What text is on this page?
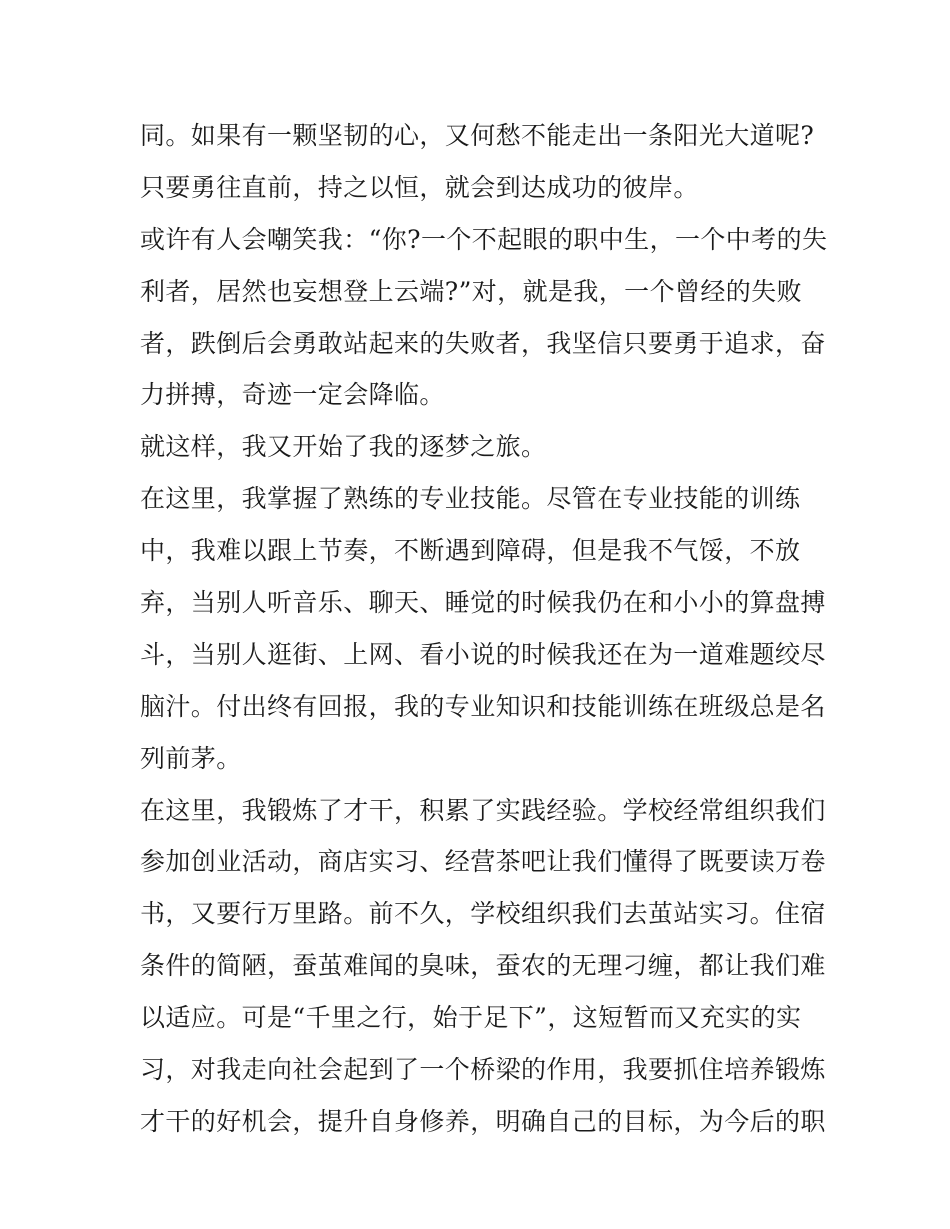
同。如果有一颗坚韧的心，又何愁不能走出一条阳光大道呢?
只要勇往直前，持之以恒，就会到达成功的彼岸。
或许有人会嘲笑我：“你?一个不起眼的职中生，一个中考的失
利者，居然也妄想登上云端?”对，就是我，一个曾经的失败
者，跌倒后会勇敢站起来的失败者，我坚信只要勇于追求，奋
力拼搏，奇迹一定会降临。
就这样，我又开始了我的逐梦之旅。
在这里，我掌握了熟练的专业技能。尽管在专业技能的训练
中，我难以跟上节奏，不断遇到障碍，但是我不气馁，不放
弃，当别人听音乐、聊天、睡觉的时候我仍在和小小的算盘搏
斗，当别人逛街、上网、看小说的时候我还在为一道难题绞尽
脑汁。付出终有回报，我的专业知识和技能训练在班级总是名
列前茅。
在这里，我锻炼了才干，积累了实践经验。学校经常组织我们
参加创业活动，商店实习、经营茶吧让我们懂得了既要读万卷
书，又要行万里路。前不久，学校组织我们去茧站实习。住宿
条件的简陋，蚕茧难闻的臭味，蚕农的无理刁缠，都让我们难
以适应。可是“千里之行，始于足下”，这短暂而又充实的实
习，对我走向社会起到了一个桥梁的作用，我要抓住培养锻炼
才干的好机会，提升自身修养，明确自己的目标，为今后的职
